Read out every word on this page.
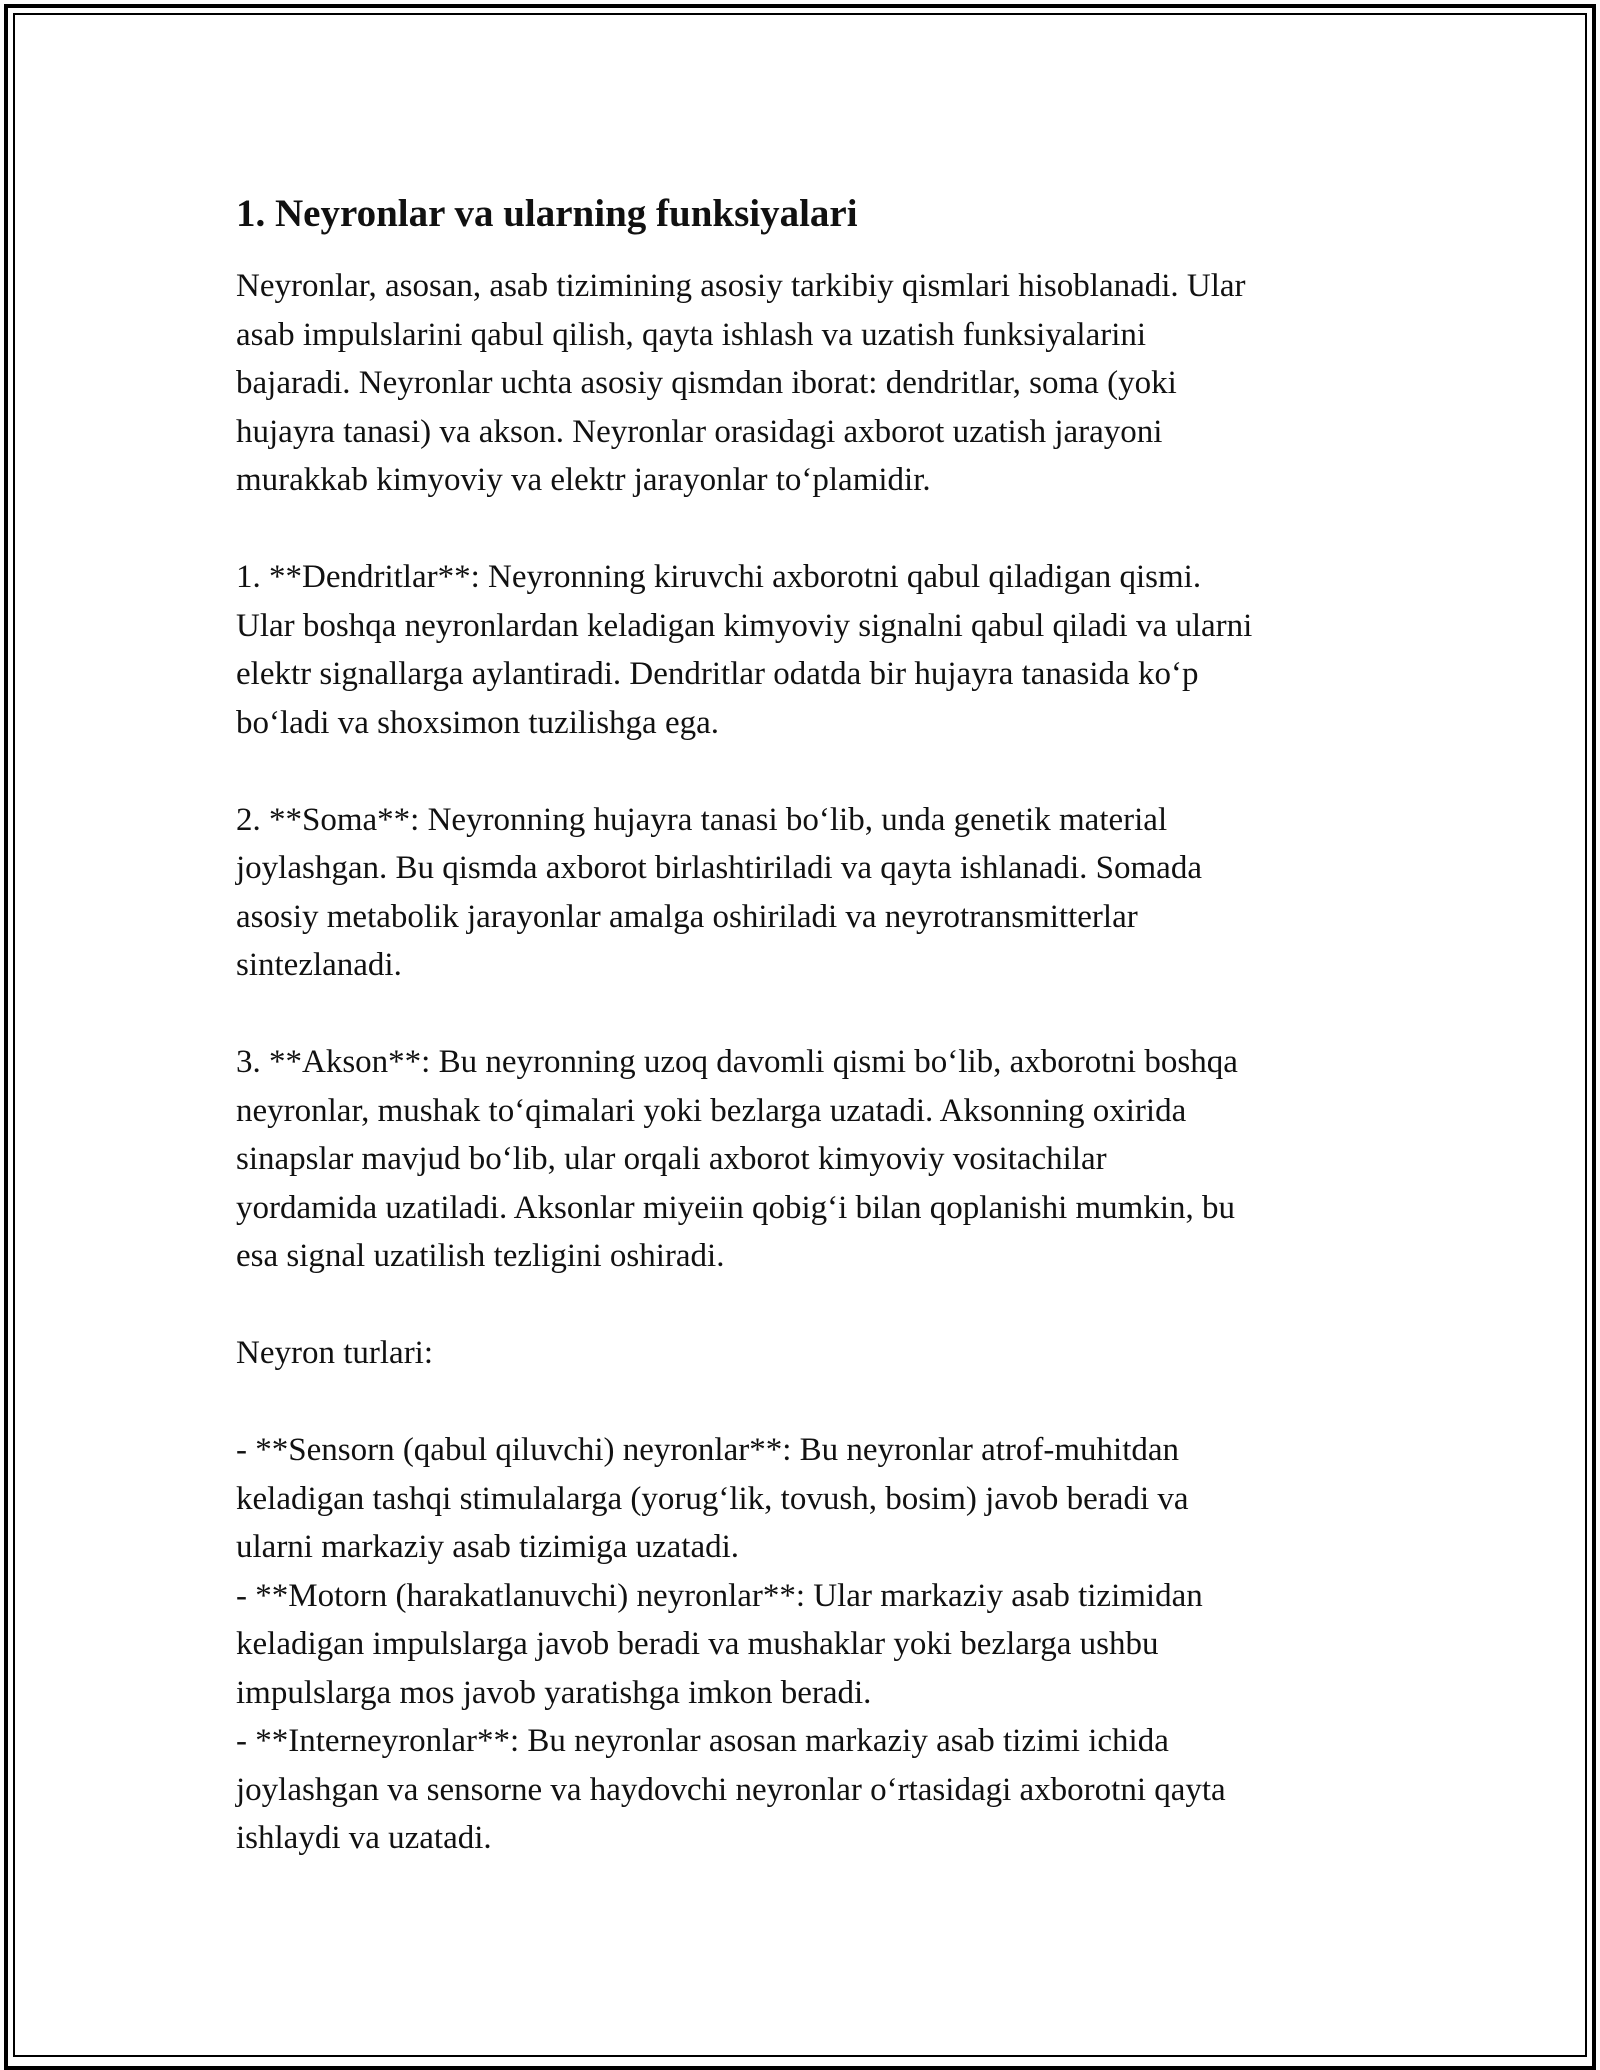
1. Neyronlar va ularning funksiyalari
Neyronlar, asosan, asab tizimining asosiy tarkibiy qismlari hisoblanadi. Ular
asab impulslarini qabul qilish, qayta ishlash va uzatish funksiyalarini
bajaradi. Neyronlar uchta asosiy qismdan iborat: dendritlar, soma (yoki
hujayra tanasi) va akson. Neyronlar orasidagi axborot uzatish jarayoni
murakkab kimyoviy va elektr jarayonlar to‘plamidir.
1. **Dendritlar**: Neyronning kiruvchi axborotni qabul qiladigan qismi.
Ular boshqa neyronlardan keladigan kimyoviy signalni qabul qiladi va ularni
elektr signallarga aylantiradi. Dendritlar odatda bir hujayra tanasida ko‘p
bo‘ladi va shoxsimon tuzilishga ega.
2. **Soma**: Neyronning hujayra tanasi bo‘lib, unda genetik material
joylashgan. Bu qismda axborot birlashtiriladi va qayta ishlanadi. Somada
asosiy metabolik jarayonlar amalga oshiriladi va neyrotransmitterlar
sintezlanadi.
3. **Akson**: Bu neyronning uzoq davomli qismi bo‘lib, axborotni boshqa
neyronlar, mushak to‘qimalari yoki bezlarga uzatadi. Aksonning oxirida
sinapslar mavjud bo‘lib, ular orqali axborot kimyoviy vositachilar
yordamida uzatiladi. Aksonlar miyeiin qobig‘i bilan qoplanishi mumkin, bu
esa signal uzatilish tezligini oshiradi.
Neyron turlari:
- **Sensorn (qabul qiluvchi) neyronlar**: Bu neyronlar atrof-muhitdan
keladigan tashqi stimulalarga (yorug‘lik, tovush, bosim) javob beradi va
ularni markaziy asab tizimiga uzatadi.
- **Motorn (harakatlanuvchi) neyronlar**: Ular markaziy asab tizimidan
keladigan impulslarga javob beradi va mushaklar yoki bezlarga ushbu
impulslarga mos javob yaratishga imkon beradi.
- **Interneyronlar**: Bu neyronlar asosan markaziy asab tizimi ichida
joylashgan va sensorne va haydovchi neyronlar o‘rtasidagi axborotni qayta
ishlaydi va uzatadi.
